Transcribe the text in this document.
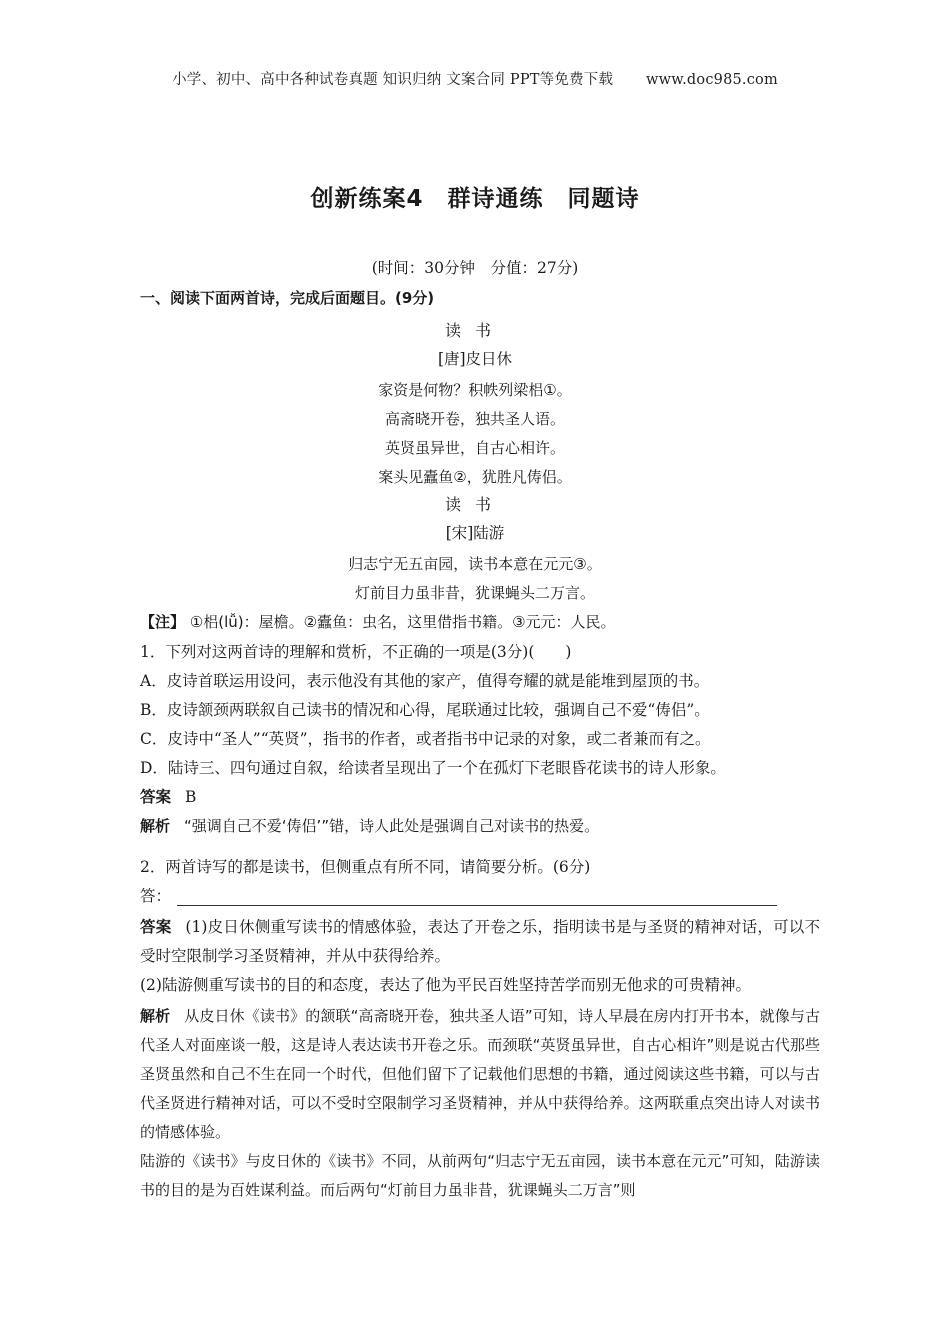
小学、初中、高中各种试卷真题 知识归纳 文案合同 PPT等免费下载 www.doc985.com
创新练案4　群诗通练　同题诗
(时间：30分钟　分值：27分)
一、阅读下面两首诗，完成后面题目。(9分)
读书
[唐]皮日休
家资是何物？积帙列梁梠①。
高斋晓开卷，独共圣人语。
英贤虽异世，自古心相许。
案头见蠹鱼②，犹胜凡俦侣。
读书
[宋]陆游
归志宁无五亩园，读书本意在元元③。
灯前目力虽非昔，犹课蝇头二万言。
【注】 ①梠(lǚ)：屋檐。②蠹鱼：虫名，这里借指书籍。③元元：人民。
1．下列对这两首诗的理解和赏析，不正确的一项是(3分)(　　)
A．皮诗首联运用设问，表示他没有其他的家产，值得夸耀的就是能堆到屋顶的书。
B．皮诗颔颈两联叙自己读书的情况和心得，尾联通过比较，强调自己不爱“俦侣”。
C．皮诗中“圣人”“英贤”，指书的作者，或者指书中记录的对象，或二者兼而有之。
D．陆诗三、四句通过自叙，给读者呈现出了一个在孤灯下老眼昏花读书的诗人形象。
答案 B
解析 “强调自己不爱‘俦侣’”错，诗人此处是强调自己对读书的热爱。
2．两首诗写的都是读书，但侧重点有所不同，请简要分析。(6分)
答：
答案 (1)皮日休侧重写读书的情感体验，表达了开卷之乐，指明读书是与圣贤的精神对话，可以不受时空限制学习圣贤精神，并从中获得给养。
(2)陆游侧重写读书的目的和态度，表达了他为平民百姓坚持苦学而别无他求的可贵精神。
解析 从皮日休《读书》的颔联“高斋晓开卷，独共圣人语”可知，诗人早晨在房内打开书本，就像与古代圣人对面座谈一般，这是诗人表达读书开卷之乐。而颈联“英贤虽异世，自古心相许”则是说古代那些圣贤虽然和自己不生在同一个时代，但他们留下了记载他们思想的书籍，通过阅读这些书籍，可以与古代圣贤进行精神对话，可以不受时空限制学习圣贤精神，并从中获得给养。这两联重点突出诗人对读书的情感体验。
陆游的《读书》与皮日休的《读书》不同，从前两句“归志宁无五亩园，读书本意在元元”可知，陆游读书的目的是为百姓谋利益。而后两句“灯前目力虽非昔，犹课蝇头二万言”则
